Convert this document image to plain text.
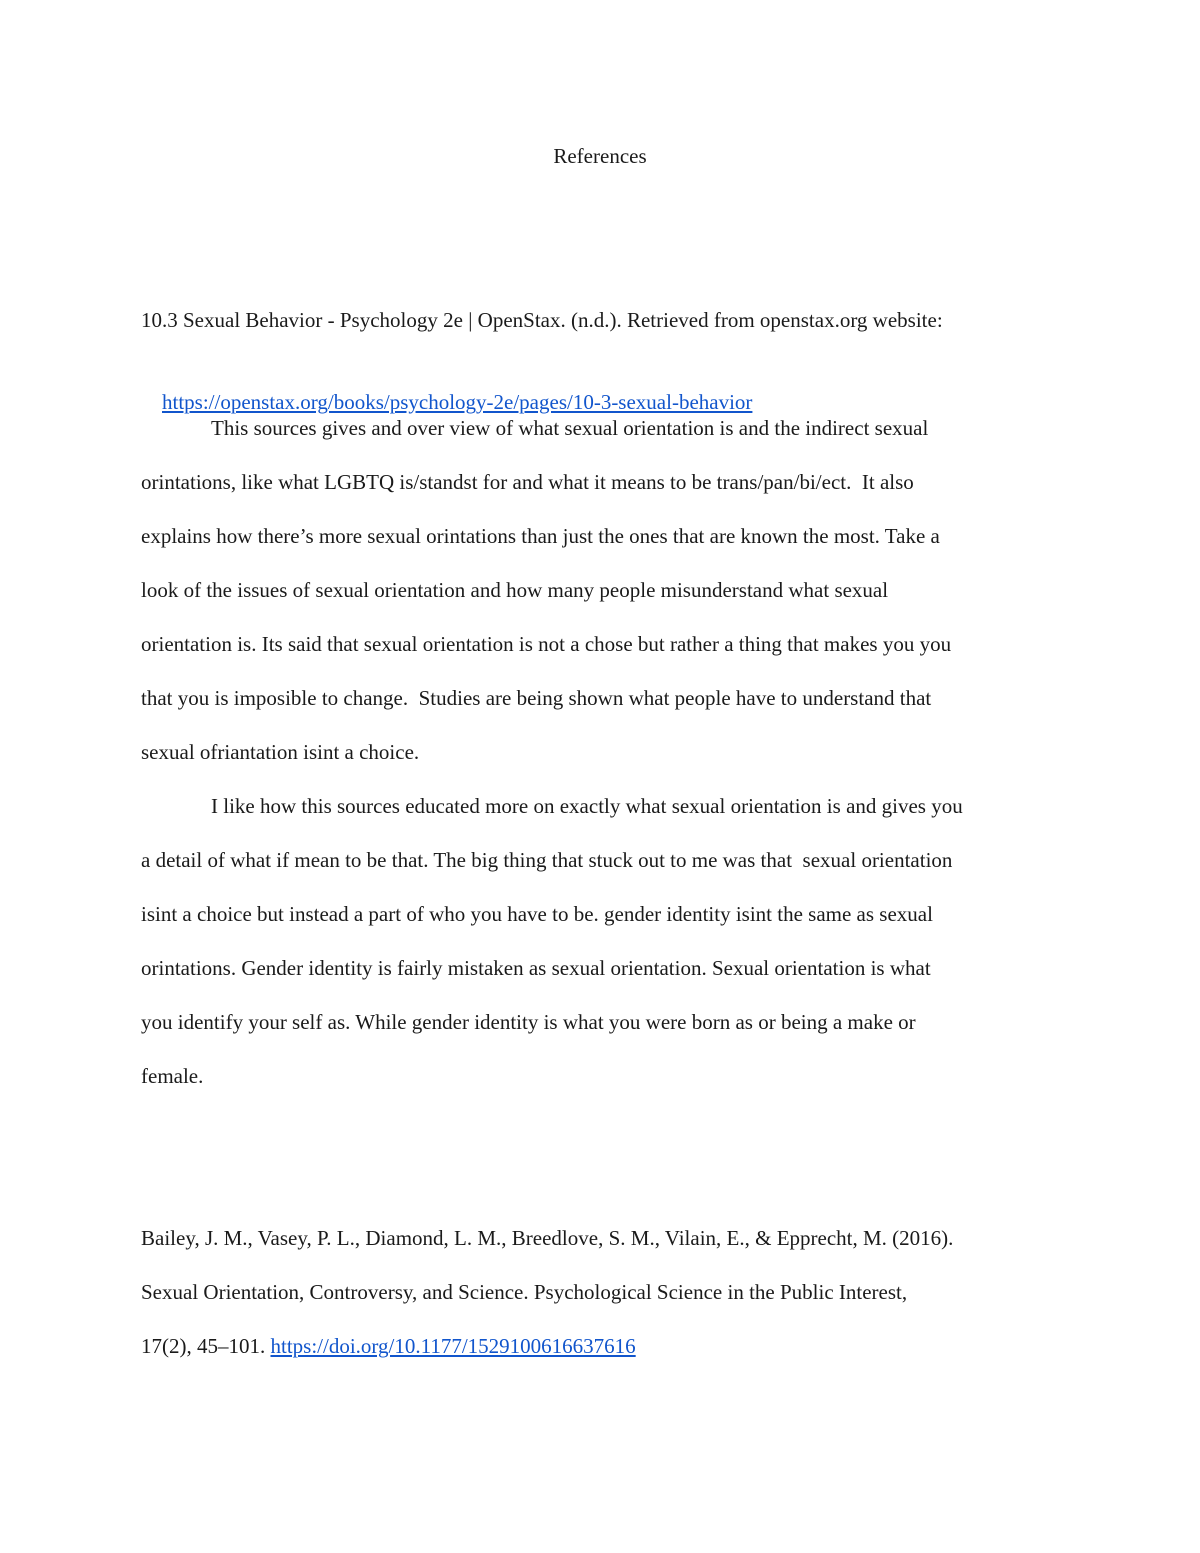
References
10.3 Sexual Behavior - Psychology 2e | OpenStax. (n.d.). Retrieved from openstax.org website:

https://openstax.org/books/psychology-2e/pages/10-3-sexual-behavior

This sources gives and over view of what sexual orientation is and the indirect sexual
orintations, like what LGBTQ is/standst for and what it means to be trans/pan/bi/ect.  It also
explains how there’s more sexual orintations than just the ones that are known the most. Take a
look of the issues of sexual orientation and how many people misunderstand what sexual
orientation is. Its said that sexual orientation is not a chose but rather a thing that makes you you
that you is imposible to change.  Studies are being shown what people have to understand that
sexual ofriantation isint a choice.
I like how this sources educated more on exactly what sexual orientation is and gives you
a detail of what if mean to be that. The big thing that stuck out to me was that  sexual orientation
isint a choice but instead a part of who you have to be. gender identity isint the same as sexual
orintations. Gender identity is fairly mistaken as sexual orientation. Sexual orientation is what
you identify your self as. While gender identity is what you were born as or being a make or
female.
Bailey, J. M., Vasey, P. L., Diamond, L. M., Breedlove, S. M., Vilain, E., & Epprecht, M. (2016).
Sexual Orientation, Controversy, and Science. Psychological Science in the Public Interest,
17(2), 45–101. https://doi.org/10.1177/1529100616637616
